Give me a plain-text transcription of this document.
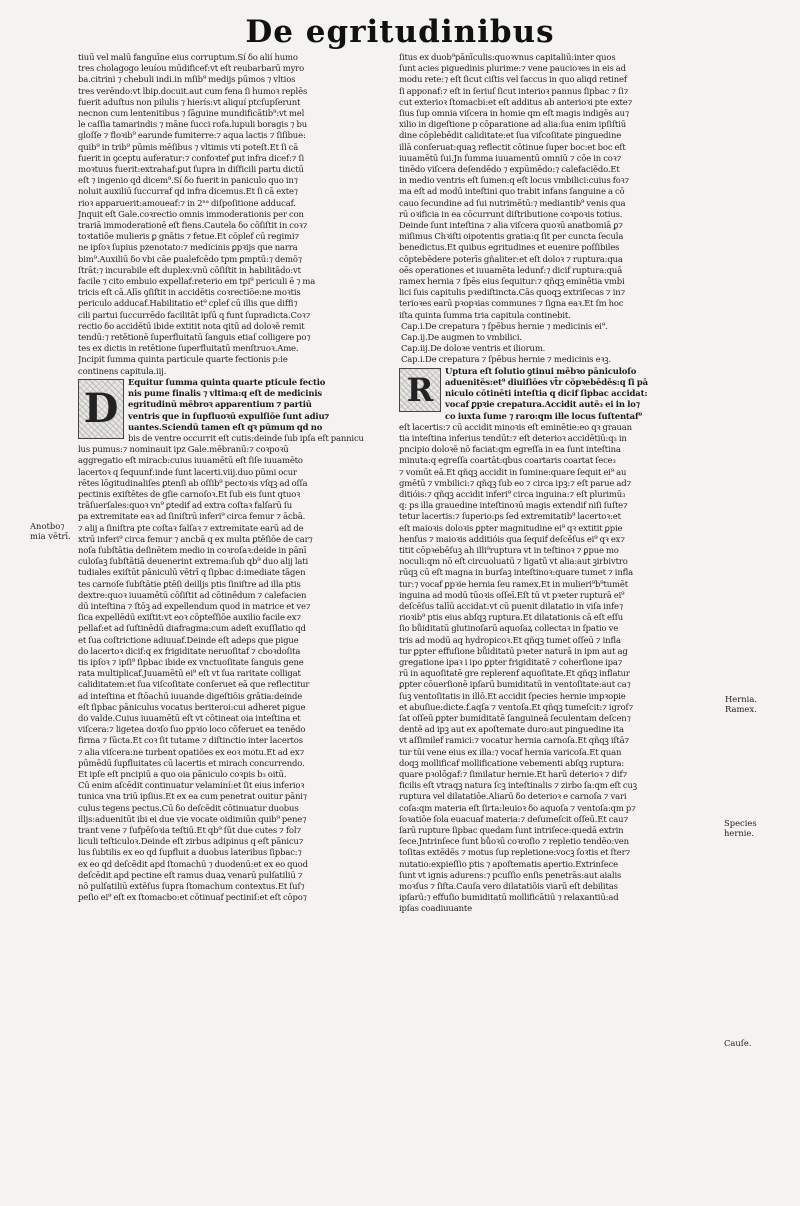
De egritudinibus
tiuū vel malū fanguīne eius corruptum.Sí ẟo alií humo
tres cholagogo leuíou mūdificef:vt eſt reubarbarū myro
ba.citrini ⁊ chebuli indi.in mſib⁹ medijs pūmos ⁊ vltios
tres verēndo:vt lbip.docuit.aut cum fena ſi humoꝛ replēs
fuerit aduſtus non pilulis ⁊ hierís:vt aliquí ptcſupſerunt
necnon cum lentenitibus ⁊ ſāguine mundificātib⁹:vt mel
le caſſia tamarindis ⁊ māne ſucci rofa.lupuli boragis ⁊ bu
gloſſe ⁊ floꝛib⁹ earunde fumiterre:⁊ aqua lactis ⁊ ſiſibue:
quib⁹ in trib⁹ pūmis mēſibus ⁊ vltimis vti poteſt.Et ſi cā
fuerit in ꝯceptu auferatur:⁊ confoꝛtef ꝑut infra dicef:⁊ ſi
moꝛtuus fuerit:extrahaf:ꝑut ſupra in diſficili partu dictū
eſt ⁊ ingenio qd dicem⁹.Sí ẟo fuerit in paniculo quo in⁊
noluit auxiliū ſuccurraf qd infra dicemus.Et ſi cā exte⁊
rioꝛ apparuerit:amoueaf:⁊ in 2ⁿᵃ diſpoſitione adducaf.
Jnquit eſt Gale.coꝛrectio omnis immoderationis per con
trariā immoderationē eſt fiens.Cautela ẟo cōſiſtit in coꝛ⁊
toꝛtatiōe mulieris ꝑ gnātis ⁊ fetue.Et cōplef cū regimi⁊
ne ipſoꝛ ſupius pzenotato:⁊ medicinis ꝑpꝛijs que narra
bim⁹.Auxiliū ẟo vbi cāe ꝑualefcēdo tpm ꝑmptū:⁊ demō⁊
ſtrāt:⁊ incurabile eſt duplex:vnū cōſiſtit in habilitādo:vt
facile ⁊ cito embuio expellaf:reterio em tpi⁹ periculi ē ⁊ ma
tricis eſt cā.Alīs ꝯſiſtit in accidētis coꝛrectiōe:ne moꝛtis
periculo adducaf.Habilitatio et⁹ cplef cū illis que diffi⁊
cili partui ſuccurrēdo facilitāt ipſū q funt ſupradicta.Coꝛ⁊
rectio ẟo accidētū ibide extitit nota qitū ad doloꝛē remit
tendū:⁊ retētionē ſuperfluitatū ſanguis etiaſ colligere po⁊
tes ex dictis in retētione ſuperfluitatū menſtruoꝛ.Ame.
Jncipit ſumma quinta particule quarte fectionis p:ie
continens capitula.iij.
D
Equitur ſumma quinta quarte pticule fectio
nis pume finalis ⁊ vltima:q eſt de medicinis
egritudinū mēbroꝛ apparentium ⁊ partiū
ventris que in ſupfluoꝛū expulſiōe ſunt adiu⁊
uantes.Sciendū tamen eſt qꝛ pūmum qd no
bis de ventre occurrit eſt cutis:deinde ſub ipſa eſt pannicu
lus pumus:⁊ nominauit ipz Gale.mēbranū:⁊ coꝛpoꝛū
aggregatio eſt miracb:cuius iuuamētū eſt ſiſe iuuamēto
lacertoꝛ q ſequunf:inde ſunt lacerti.viij.duo pūmi ocur
rētes lōgitudinaliſes ꝑtenſi ab oſſib⁹ pectoꝛis vſqꝫ ad oſſa
pectinis exiſtētes de gſie carnoſoꝛ.Et ſub eis ſunt qtuoꝛ
trāſuerſales:quoꝛ vn⁹ ꝑtedif ad extra coſtaꝛ falſarū ſu
pa extremitate eaꝛ ad ſiniſtrū inferi⁹ circa femur ⁊ ācbā.
⁊ alij a ſiniſtra pte coſtaꝛ falſaꝛ ⁊ extremitate earū ad de
xtrū inferi⁹ circa femur ⁊ ancbā q ex multa ꝑtēſiōe de car⁊
noſa ſubſtātia deſinētem medio in coꝛroſaꝛ:deide in pānī
culoſaꝫ ſubſtātiā deuenerint extrema:ſub qb⁹ duo alij lati
tudiales exiſtūt pāniculū vētrī q ſipbac d:imediate tāgen
tes carnoſe ſubſtātie ꝑtēſi deilljs ptis ſiniſtre ad illa ptis
dextre:quoꝛ iuuamētū cōſiſtit ad cōtinēdum ⁊ calefacien
dū inteſtina ⁊ ſtōꝫ ad expellendum quod in matrice et ve⁊
ſica expellēdū exiſtit:vt eoꝛ cōpteſſiōe auxilio facile ex⁊
pellaf:et ad ſuſtinēdū diafragma:cum adeſt exuſſlatio qd
et ſua coſtrictione adiuuaf.Deinde eſt adeps que pigue
do lacertoꝛ dicif:q ex frigiditate neruoſitaf ⁊ cboꝛdoſita
tis ipſoꝛ ⁊ ipſi⁹ ſipbac ibide ex vnctuoſitate ſanguis gene
rata multiplicaf.Juuamētū ei⁹ eſt vt ſua raritate colligat
caliditatem:et ſua viſcoſitate conſeruet eā que reflectitur
ad inteſtina et ſtōachū iuuande digeſtiōis grātia:deinde
eſt ſipbac pāniculus vocatus beriteroi:cui adheret pigue
do valde.Cuius iuuamētū eſt vt cōtineat oia inteſtina et
viſcera:⁊ ligetea doꝛſo ſuo ꝑpꝛio loco cōferuet ea tenēdo
firma ⁊ ſūcta.Et coꝛ ſit tutame ⁊ diſtinctio inter lacertos
⁊ alia viſcera:ne turbent opatiões ex eoꝛ motu.Et ad ex⁊
pūmēdū ſupfluitates cū lacertis et mirach concurrendo.
Et ipſe eſt pncipiū a quo oia pāniculo coꝛpis b₃ oitū.
Cū enim aſcēdit continuatur velaminí:et ſit eius inferioꝛ
tunica vna triū ipſius.Et ex ea cum penetrat ouitur pāni⁊
culus tegens pectus.Cū ẟo deſcēdit cōtinuatur duobus
illjs:aduenitūt ibi ei due vie vocate oidimiūn quib⁹ pene⁊
trant vene ⁊ ſufpēſoꝛia teſtiū.Et qb⁹ ſūt due cutes ⁊ fol⁊
liculi teſticuloꝛ.Deinde eſt zirbus adipinus q eſt pānicu⁊
lus ſubtilis ex eo qd ſupfluit a duobus lateribus ſipbac:⁊
ex eo qd deſcēdit apd ſtomachū ⁊ duodenū:et ex eo quod
deſcēdit apd pectine eſt ramus duaꝝ venarū pulſatiliū ⁊
nō pulſatiliū extēſus ſupra ſtomachum contextus.Et ſuſ⁊
peſio ei⁹ eſt ex ſtomacbo:et cōtinuaf pectiniſ:et eſt cōpo⁊
ſitus ex duob⁹pānīculis:quoꝛvnus capitaliū:inter quos
ſunt acies piguedinis plurime:⁊ vene paucioꝛes in eis ad
modu rete:⁊ eſt ſicut ciſtis vel ſaccus in quo aliqd retinef
ſi apponaf:⁊ eſt in ſeriuſ ſicut interioꝛ pannus ſipbac ⁊ ſi⁊
cut exterioꝛ ſtomacbi:et eſt additus ab anterioꝛi pte exte⁊
ſius ſup omnia viſcera in homie qm eſt magis indigēs au⁊
xilio in digeſtione p cōparatione ad alia:ſua enim ipſiſtiū
dine cōplebēdit caliditate:et ſua viſcoſitate pinguedine
illā conſeruat:quaꝫ reflectit cōtinue ſuper boc:et boc eſt
iuuamētū ſui.Jn ſumma iuuamentū omniū ⁊ cōe in coꝛ⁊
tinēdo viſcera deſendēdo ⁊ expūmēdo:⁊ calefaciēdo.Et
in medio ventris eſt ſumen:q eſt locus vmbilici:cuius foꝛ⁊
ma eſt ad modū inteſtini quo trabit infans ſanguine a cō
cauo ſecundine ad ſui nutrimētū:⁊ mediantib⁹ venis qua
rū oꝛificia in ea cōcurrunt diſtributione coꝛpoꝛis totius.
Deinde ſunt inteſtina ⁊ alia viſcera quoꝛū anatbomiā ꝑ⁊
miſimus Chꝛiſti oipotentis gratia:q ſit per cuncta ſecula
benedictus.Et quibus egritudines et euenire poſſibiles
cōptebēdere poterīs gñaliter:et eſt doloꝛ ⁊ ruptura:qua
oēs operationes et iuuamēta ledunf:⁊ dicif ruptura:quā
ramex hernia ⁊ ſpēs eius ſequitur:⁊ qñqꝫ eminētia vmbi
lici ſuis capitulis pꝛediſtincta.Cās quoqꝫ extriſecas ⁊ in⁊
terioꝛes earū pꝛopꝛias communes ⁊ ſigna eaꝛ.Et ſm hoc
iſta quinta ſumma tria capitula continebit.
Cap.i.De crepatura ⁊ ſpēbus hernie ⁊ medicinis ei⁹.
Cap.ij.De augmen to vmbilici.
Cap.iij.De doloꝛe ventris et iliorum.
Cap.i.De crepatura ⁊ ſpēbus hernie ⁊ medicinis eꝛꝫ.
R	Uptura eſt ſolutio ꝯtinui mēbꝛo pāniculoſo
aduenitēs:et⁹ diuiſiōes vt̄r cōpꝛebēdēs:q ſi pā
niculo cōtinēti inteſtia q dicif ſipbac accidat:
vocaf ꝑpꝛie crepatura.Accidit autē₃ ei in lo⁊
co iuxta ſume ⁊ raro:qm ille locus ſuſtentaf⁹
eſt lacertis:⁊ cū accidit minoꝛis eſt eminētie:eo qꝛ grauan
tia inteſtina inferius tendūt:⁊ eſt deterioꝛ accidētiū:q₃ in
pncipio doloꝛē nō faciat:qm egreſſa in ea ſunt inteſtina
minuta:q egreſſa coartāt:qbus coartaris coartat ſece₃
⁊ vomūt eā.Et qñqꝫ accidit in ſumine:quare ſequit ei⁹ au
gmētū ⁊ vmbilici:⁊ qñqꝫ ſub eo ⁊ circa ipꝫ:⁊ eſt parue ad⁊
ditióis:⁊ qñqꝫ accidit inferi⁹ circa inguina:⁊ eſt plurimū₃
q: ps illa grauedine inteſtinoꝛū magis extendif niſi ſuſte⁊
tetur lacertis:⁊ ſuperio:ps ſed extremitatib⁹ lacertoꝛ:et
eſt maioꝛis doloꝛis ꝑpter magnitudine ei⁹ qꝛ extitit ꝑpie
henſus ⁊ maioꝛis additióis qua ſequif deſcēſus ei⁹ qꝛ ex⁊
titit cōpꝛebēſuꝫ ah illi⁹ruptura vt in teſtinoꝛ ⁊ ꝑpue mo
noculi:qm nō eſt circuoluatū ⁊ ligatū vt alia:aut ꝫirbivtro
rūqꝫ cū eſt magna in burſaꝫ inteſtinoꝛ:quare tumet ⁊ infla
tur:⁊ vocaf ꝑpꝛie hernia ſeu ramex.Et in mulieri⁹b⁹tumēt
inguina ad modū tūoꝛis oſſeī.Eſt tū vt pꝛeter rupturā ei⁹
deſcēſus talīū accidat:vt cū puenit dilatatio in viſa infe⁊
rioꝛib⁹ ptis eius abſqꝫ ruptura.Et dilatationis cā eſt eſſu
ſio bůiditatū glutinoſarū aquoſaꝝ collectaꝛ in ſpatio ve
tris ad modū aq hydropicoꝛ.Et qñqꝫ tumet oſſeū ⁊ infla
tur ꝑpter effuſione bůiditatū pꝛeter naturā in ipm aut ag
gregatione ipaꝛ i ipo ꝑpter frigiditatē ⁊ coherſione ipa⁊
rū in aquoſitatē gre replerenf aquoſitate.Et qñqꝫ inflatur
ꝑpter cōuerſionē ipſarū bumiditatū in ventoſitate:aut ca⁊
ſuꝫ ventoſitatis in illō.Et accidit ſpecies hernie impꝛopie
et abuſiue:dicte.f.aqſa ⁊ ventoſa.Et qñqꝫ tumeſcit:⁊ igroſ⁊
ſat oſſeū ꝑpter bumiditatē ſanguineā ſeculentam deſcen⁊
dentē ad ipꝫ aut ex apoſtemate duro:aut pinguedine ita
vt aſſimilef ramici:⁊ vocatur hernia carnoſa.Et qñqꝫ iſtā⁊
tur tūi vene eius ex illa:⁊ vocaf hernia varicoſa.Et quan
doqꝫ mollificaf mollificatione vebementi abſqꝫ ruptura:
quare pꝛolōgaf:⁊ ſimilatur hernie.Et harū deterioꝛ ⁊ dif⁊
ficilis eſt vtraqꝫ natura ſcꝫ inteſtinalis ⁊ zirbo ſa:qm eſt cuꝫ
ruptura vel dilatatiōe.Aliarū ẟo deterioꝛ e carnoſa ⁊ vari
coſa:qm materia eſt ſirta:leuioꝛ ẟo aquoſa ⁊ ventoſa:qm p⁊
ſoꝛatiōe ſola euacuaf materia:⁊ deſumeſcit oſſeū.Et cau⁊
ſarū rupture ſipbac quedam ſunt intriſece:quedā extrin
ſece.Jntrinſece ſunt bůoꝛū coꝛroſio ⁊ repletio tendēo:ven
toſitas extēdēs ⁊ motus ſup repletione:vocꝫ ſoꝛtis et ſter⁊
nutatio:expieſſio ptis ⁊ apoſtematis apertio.Extrinſece
ſunt vt ignis adurens:⁊ pcuſſio enſis penetrās:aut aialis
moꝛſus ⁊ ſiſta.Cauſa vero dilatatiōis viarū eſt debilitas
ipſarū:⁊ effuſio bumiditatū mollificātiū ⁊ relaxantiū:ad
ipſas coadiuuante
Anotbo⁊
mia vētrī.
Hernia.
Ramex.
Species
hernie.
Cauſe.
